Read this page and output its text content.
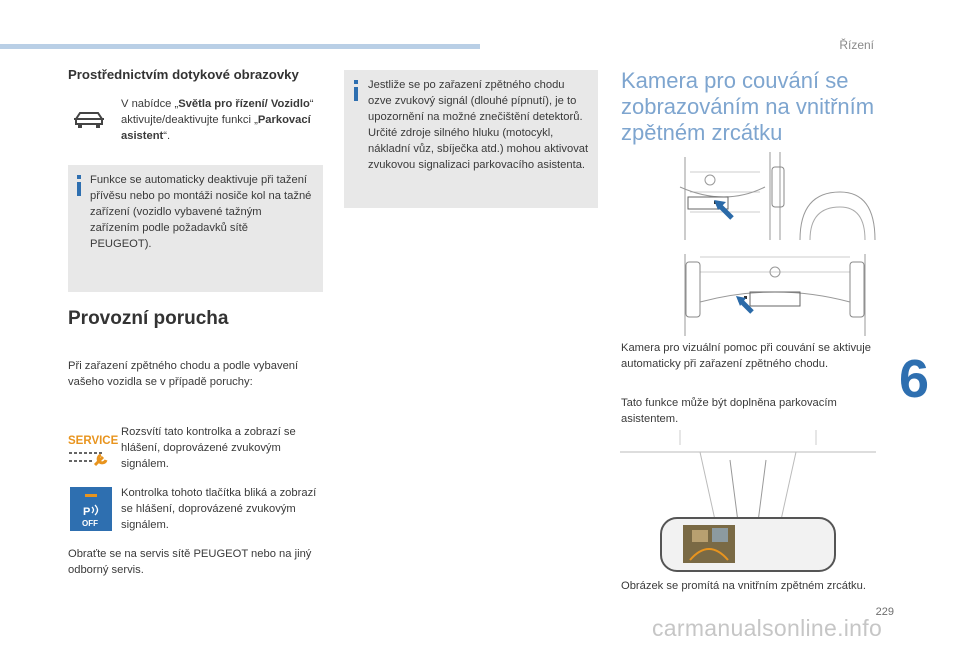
Řízení
6
229
Prostřednictvím dotykové obrazovky
V nabídce „Světla pro řízení/ Vozidlo“ aktivujte/deaktivujte funkci „Parkovací asistent“.
Funkce se automaticky deaktivuje při tažení přívěsu nebo po montáži nosiče kol na tažné zařízení (vozidlo vybavené tažným zařízením podle požadavků sítě PEUGEOT).
Provozní porucha
Při zařazení zpětného chodu a podle vybavení vašeho vozidla se v případě poruchy:
SERVICE
Rozsvítí tato kontrolka a zobrazí se hlášení, doprovázené zvukovým signálem.
P
OFF
Kontrolka tohoto tlačítka bliká a zobrazí se hlášení, doprovázené zvukovým signálem.
Obraťte se na servis sítě PEUGEOT nebo na jiný odborný servis.
Jestliže se po zařazení zpětného chodu ozve zvukový signál (dlouhé pípnutí), je to upozornění na možné znečištění detektorů. Určité zdroje silného hluku (motocykl, nákladní vůz, sbíječka atd.) mohou aktivovat zvukovou signalizaci parkovacího asistenta.
Kamera pro couvání se zobrazováním na vnitřním zpětném zrcátku
Kamera pro vizuální pomoc při couvání se aktivuje automaticky při zařazení zpětného chodu.
Tato funkce může být doplněna parkovacím asistentem.
Obrázek se promítá na vnitřním zpětném zrcátku.
carmanualsonline.info
